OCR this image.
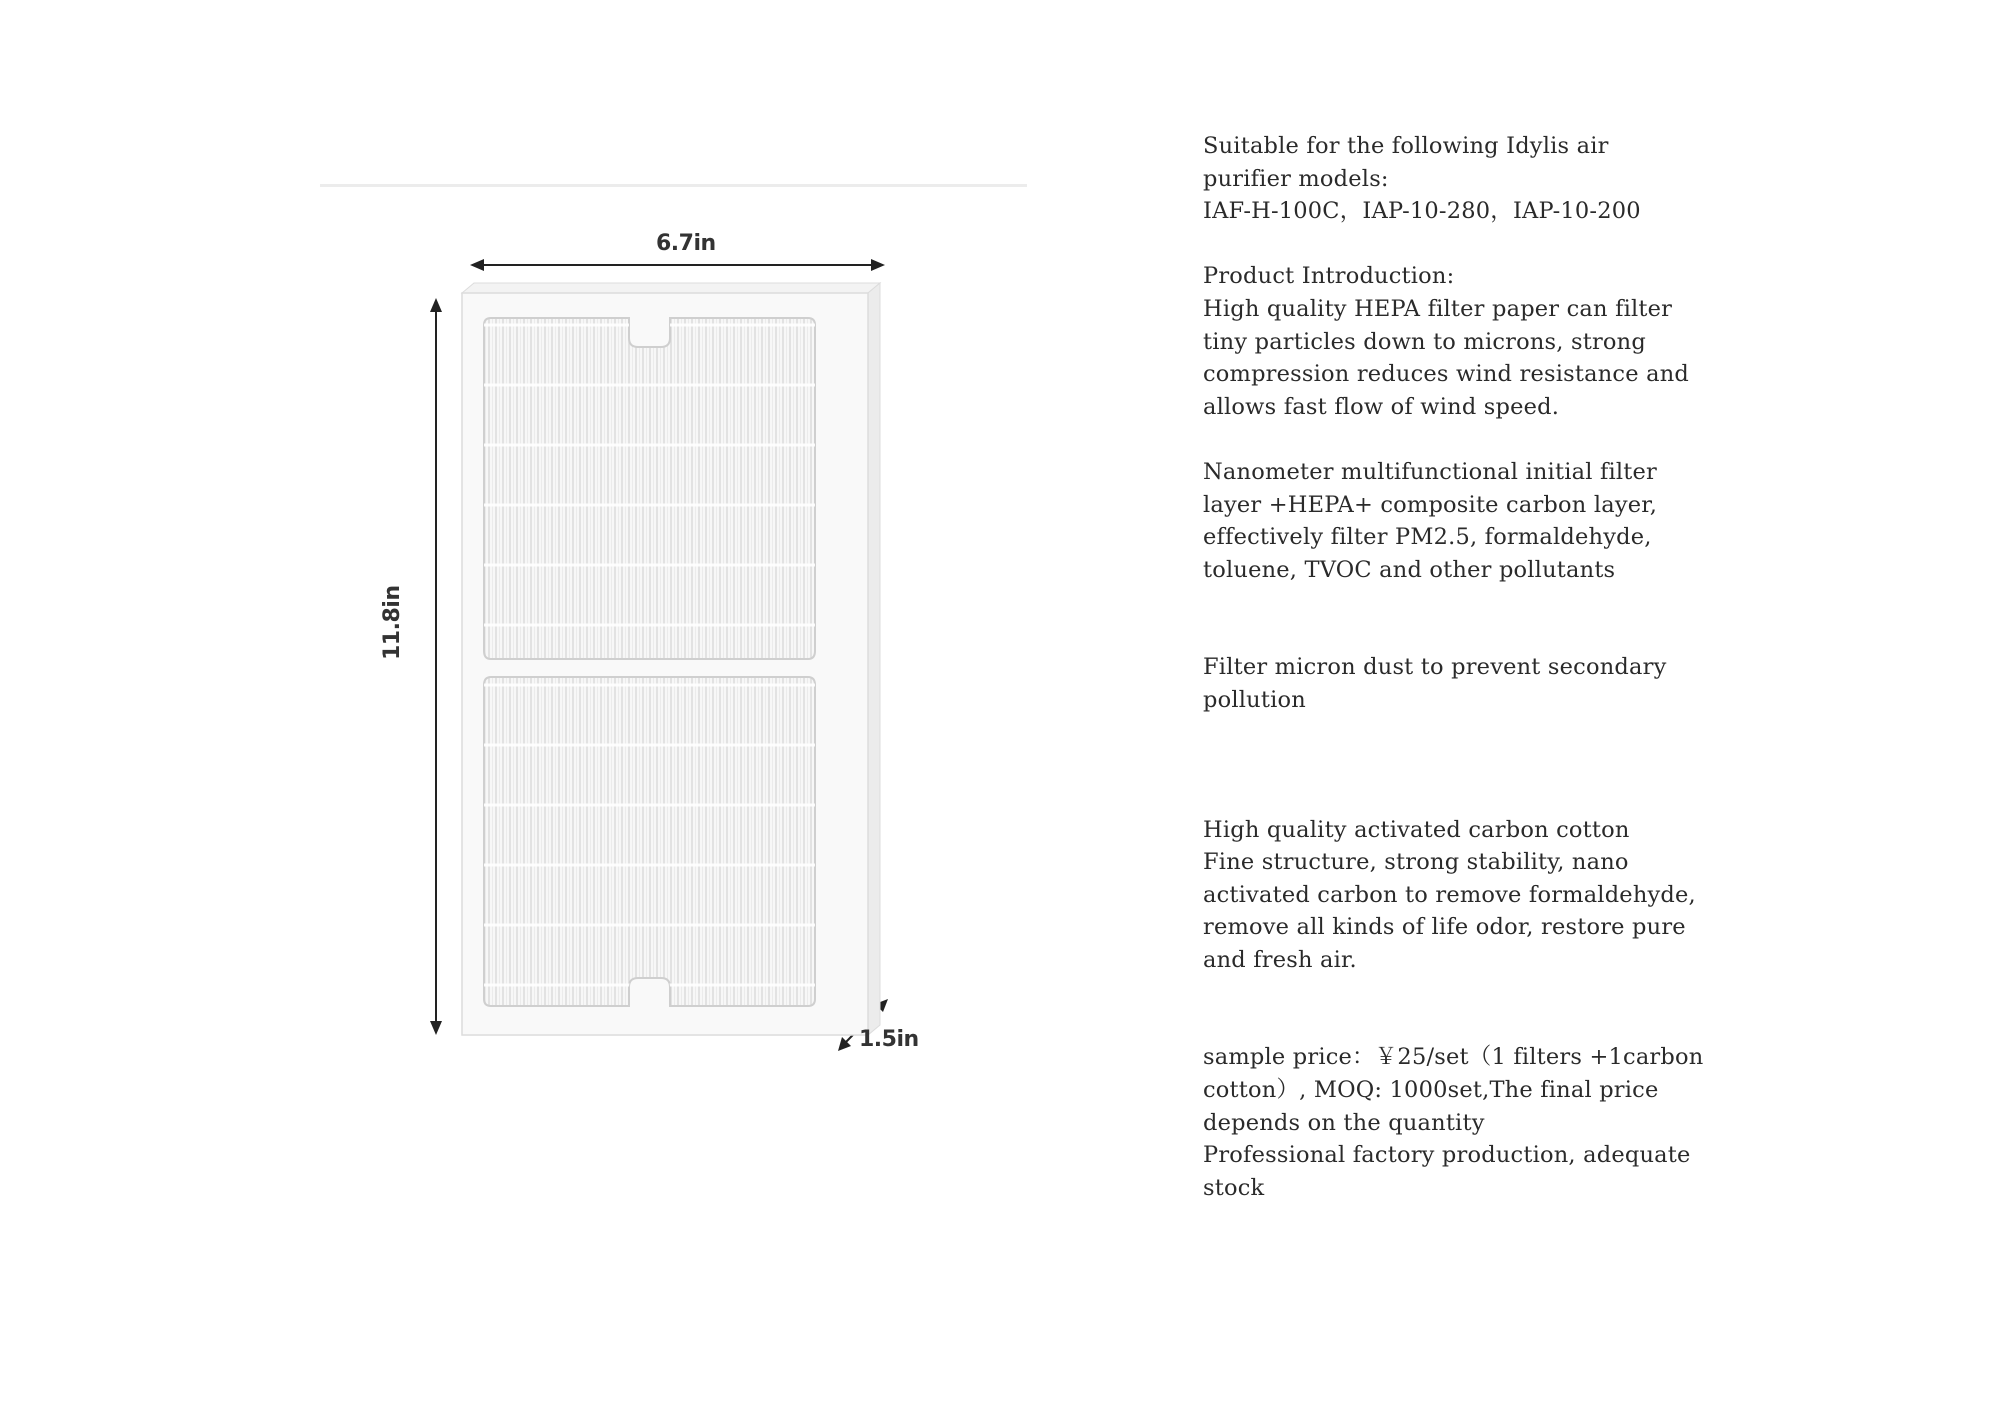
6.7in
11.8in
1.5in

Suitable for the following Idylis air
purifier models:
IAF-H-100C，IAP-10-280，IAP-10-200

Product Introduction:

High quality HEPA filter paper can filter
tiny particles down to microns, strong
compression reduces wind resistance and
allows fast flow of wind speed.

Nanometer multifunctional initial filter
layer +HEPA+ composite carbon layer,
effectively filter PM2.5, formaldehyde,
toluene, TVOC and other pollutants

Filter micron dust to prevent secondary
pollution

High quality activated carbon cotton
Fine structure, strong stability, nano
activated carbon to remove formaldehyde,
remove all kinds of life odor, restore pure
and fresh air.

sample price：￥25/set（1 filters +1carbon
cotton）, MOQ: 1000set,The final price
depends on the quantity
Professional factory production, adequate
stock
